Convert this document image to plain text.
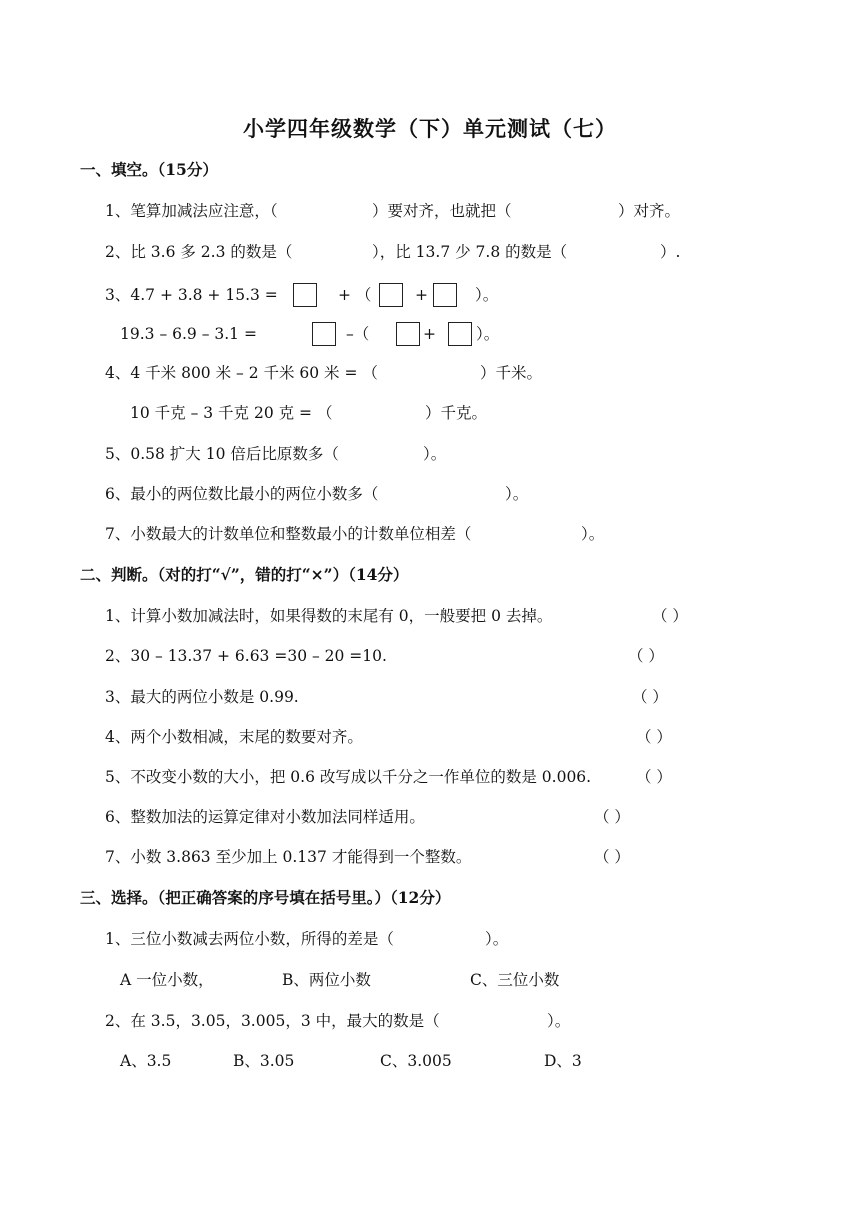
小学四年级数学（下）单元测试（七）
一、填空。（15分）
1、笔算加减法应注意，（	）要对齐，也就把（	）对齐。
2、比 3.6 多 2.3 的数是（	），比 13.7 少 7.8 的数是（	）.
3、4.7 + 3.8 + 15.3 =	+ （	+	）。
19.3 – 6.9 – 3.1 =	–（	+	）。
4、4 千米 800 米 – 2 千米 60 米 = （	）千米。
10 千克 – 3 千克 20 克 = （	）千克。
5、0.58 扩大 10 倍后比原数多（	）。
6、最小的两位数比最小的两位小数多（	）。
7、小数最大的计数单位和整数最小的计数单位相差（	）。
二、判断。（对的打“√”，错的打“×”）（14分）
1、计算小数加减法时，如果得数的末尾有 0，一般要把 0 去掉。	（ ）
2、30 – 13.37 + 6.63 =30 – 20 =10.	（ ）
3、最大的两位小数是 0.99.	（ ）
4、两个小数相减，末尾的数要对齐。	（ ）
5、不改变小数的大小，把 0.6 改写成以千分之一作单位的数是 0.006.	（ ）
6、整数加法的运算定律对小数加法同样适用。	（ ）
7、小数 3.863 至少加上 0.137 才能得到一个整数。	（ ）
三、选择。（把正确答案的序号填在括号里。）（12分）
1、三位小数减去两位小数，所得的差是（	）。
A 一位小数，	B、两位小数	C、三位小数
2、在 3.5，3.05，3.005，3 中，最大的数是（	）。
A、3.5	B、3.05	C、3.005	D、3
